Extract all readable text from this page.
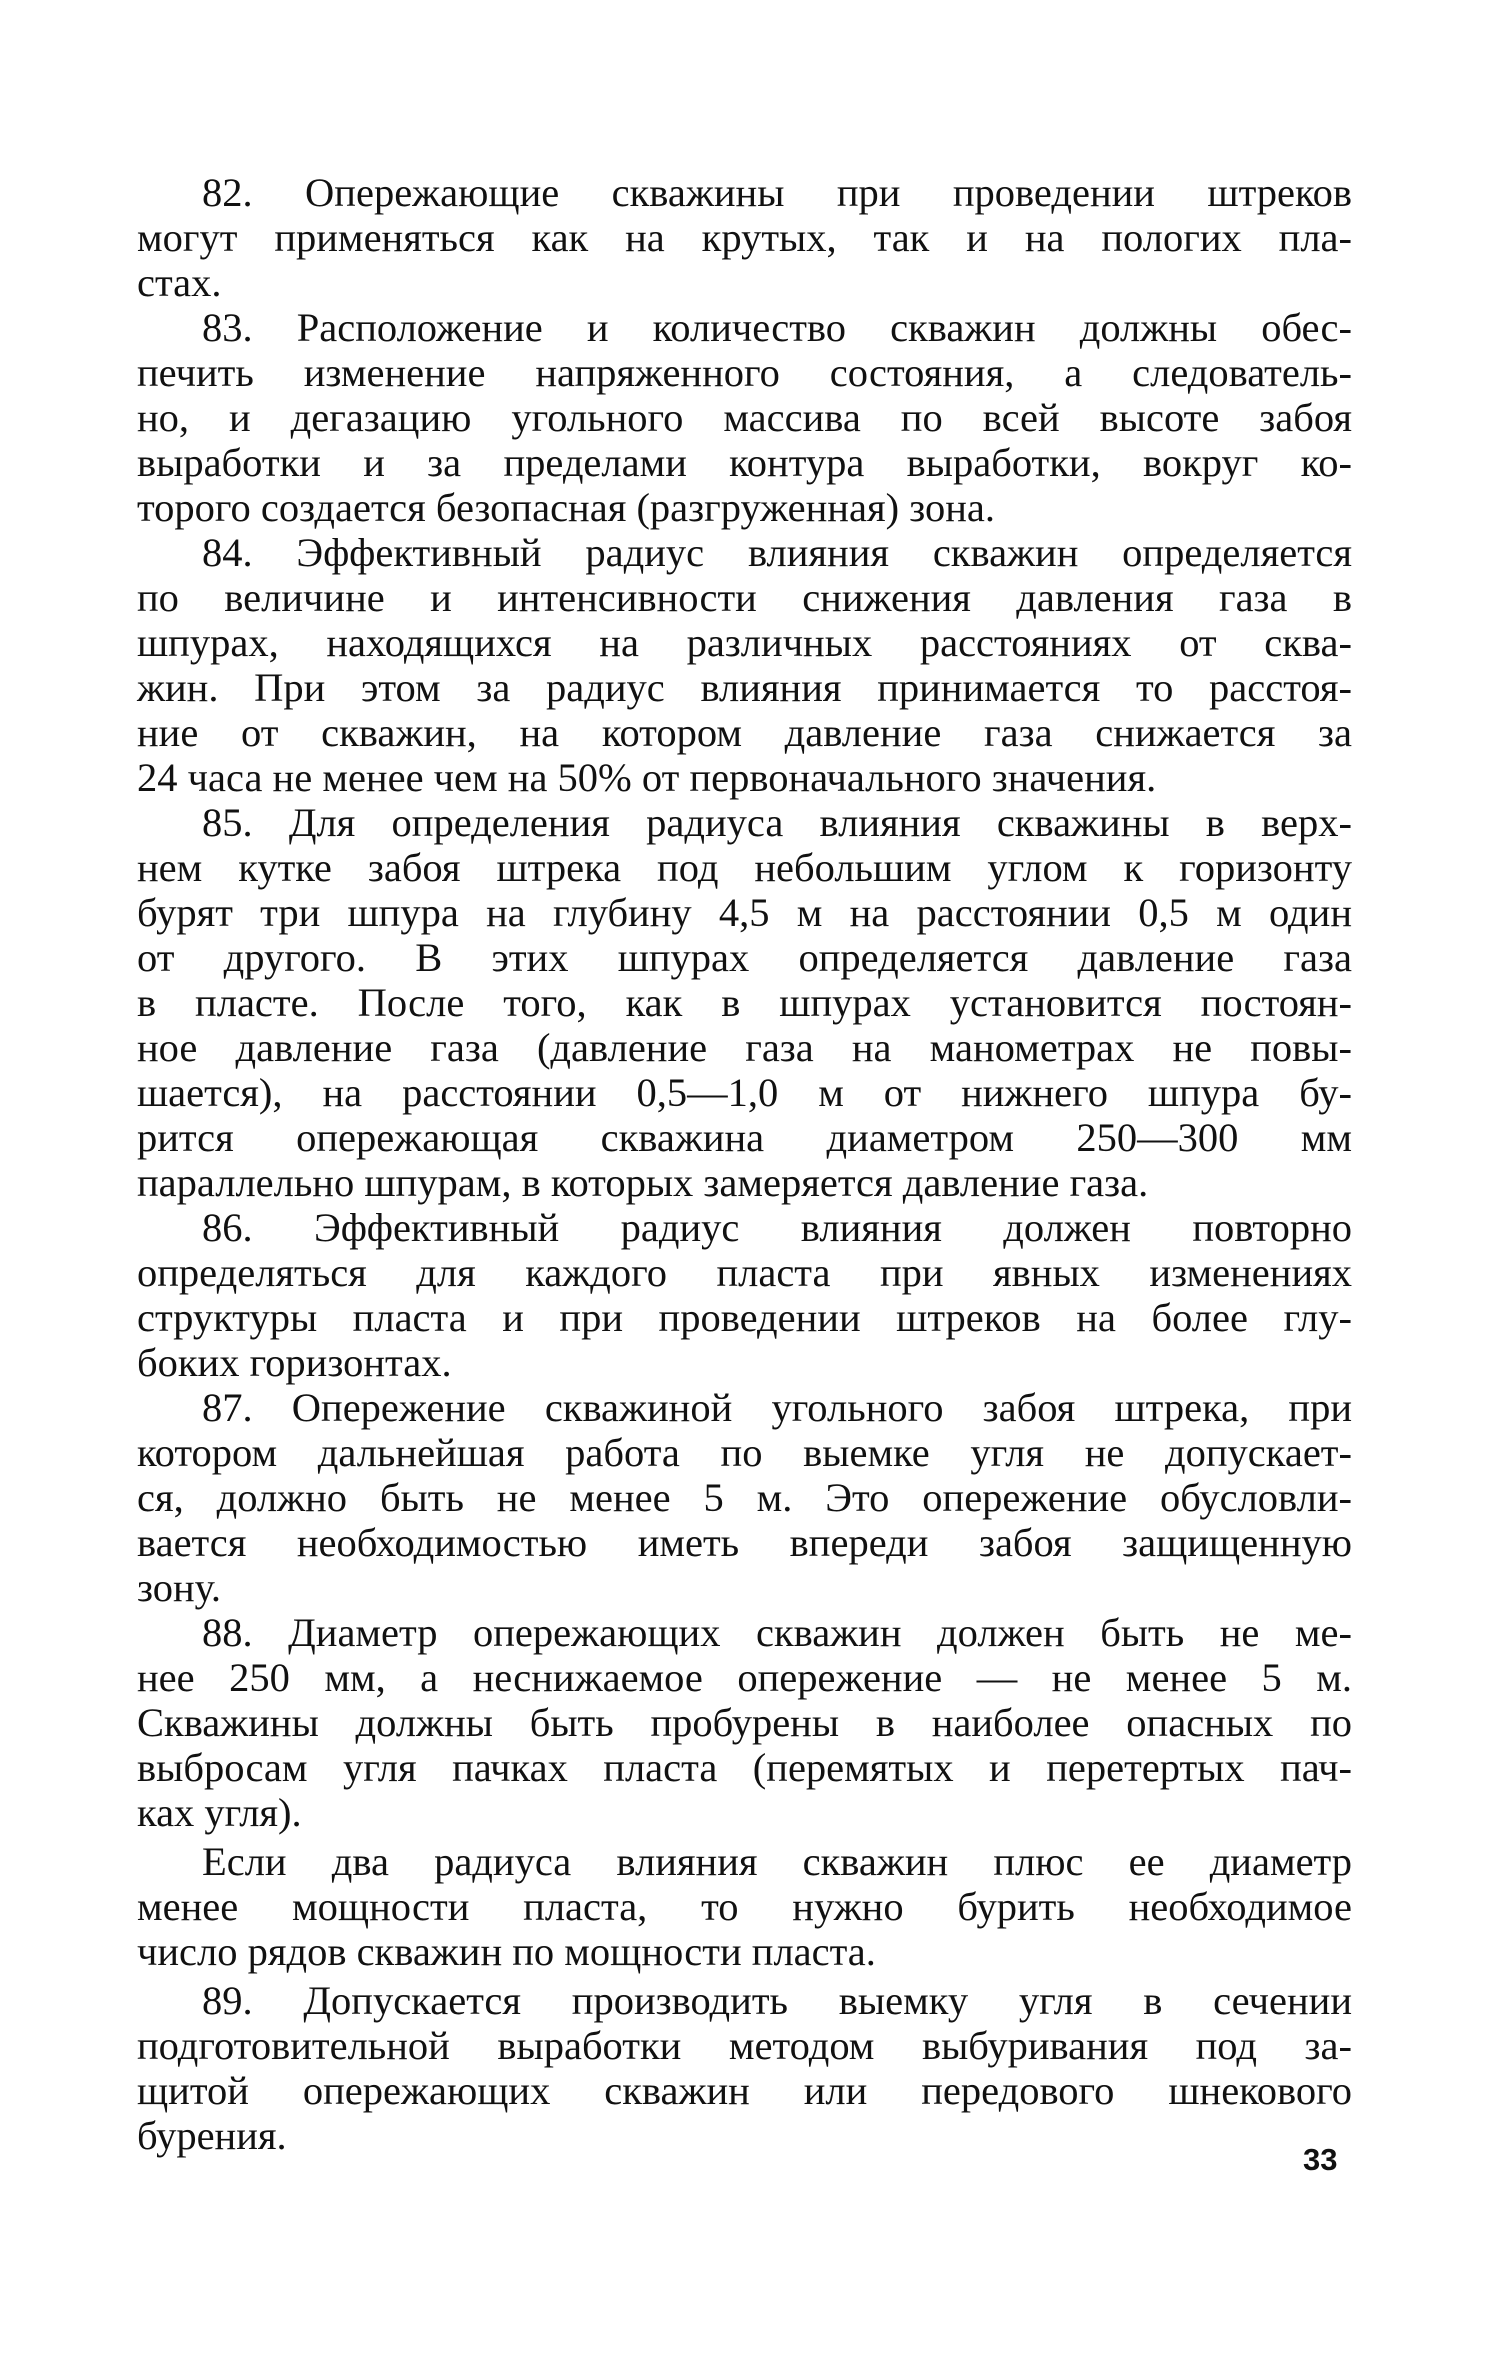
82. Опережающие скважины при проведении штреков
могут применяться как на крутых, так и на пологих пла-
стах.
83. Расположение и количество скважин должны обес-
печить изменение напряженного состояния, а следователь-
но, и дегазацию угольного массива по всей высоте забоя
выработки и за пределами контура выработки, вокруг ко-
торого создается безопасная (разгруженная) зона.
84. Эффективный радиус влияния скважин определяется
по величине и интенсивности снижения давления газа в
шпурах, находящихся на различных расстояниях от сква-
жин. При этом за радиус влияния принимается то расстоя-
ние от скважин, на котором давление газа снижается за
24 часа не менее чем на 50% от первоначального значения.
85. Для определения радиуса влияния скважины в верх-
нем кутке забоя штрека под небольшим углом к горизонту
бурят три шпура на глубину 4,5 м на расстоянии 0,5 м один
от другого. В этих шпурах определяется давление газа
в пласте. После того, как в шпурах установится постоян-
ное давление газа (давление газа на манометрах не повы-
шается), на расстоянии 0,5—1,0 м от нижнего шпура бу-
рится опережающая скважина диаметром 250—300 мм
параллельно шпурам, в которых замеряется давление газа.
86. Эффективный радиус влияния должен повторно
определяться для каждого пласта при явных изменениях
структуры пласта и при проведении штреков на более глу-
боких горизонтах.
87. Опережение скважиной угольного забоя штрека, при
котором дальнейшая работа по выемке угля не допускает-
ся, должно быть не менее 5 м. Это опережение обусловли-
вается необходимостью иметь впереди забоя защищенную
зону.
88. Диаметр опережающих скважин должен быть не ме-
нее 250 мм, а неснижаемое опережение — не менее 5 м.
Скважины должны быть пробурены в наиболее опасных по
выбросам угля пачках пласта (перемятых и перетертых пач-
ках угля).
Если два радиуса влияния скважин плюс ее диаметр
менее мощности пласта, то нужно бурить необходимое
число рядов скважин по мощности пласта.
89. Допускается производить выемку угля в сечении
подготовительной выработки методом выбуривания под за-
щитой опережающих скважин или передового шнекового
бурения.
33
